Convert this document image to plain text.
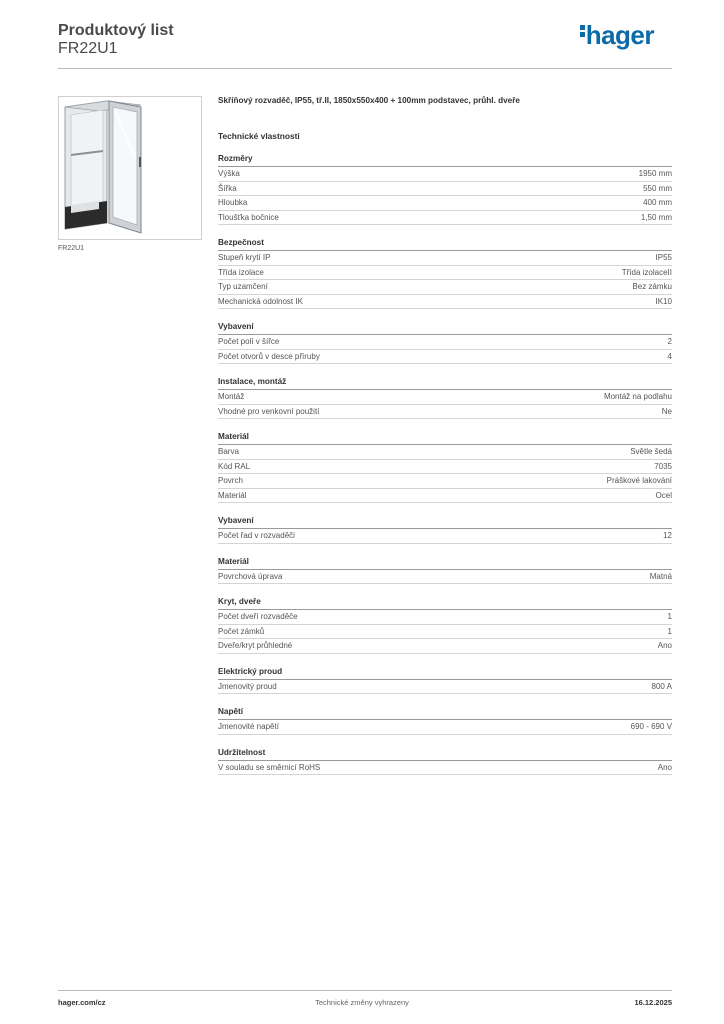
Produktový list
FR22U1	hager
FR22U1
Skříňový rozvaděč, IP55, tř.II, 1850x550x400 + 100mm podstavec, průhl. dveře
Technické vlastnosti
Rozměry
Výška	1950 mm
Šířka	550 mm
Hloubka	400 mm
Tloušťka bočnice	1,50 mm
Bezpečnost
Stupeň krytí IP	IP55
Třída izolace	Třída izolaceII
Typ uzamčení	Bez zámku
Mechanická odolnost IK	IK10
Vybavení
Počet polí v šířce	2
Počet otvorů v desce příruby	4
Instalace, montáž
Montáž	Montáž na podlahu
Vhodné pro venkovní použití	Ne
Materiál
Barva	Světle šedá
Kód RAL	7035
Povrch	Práškové lakování
Materiál	Ocel
Vybavení
Počet řad v rozvaděči	12
Materiál
Povrchová úprava	Matná
Kryt, dveře
Počet dveří rozvaděče	1
Počet zámků	1
Dveře/kryt průhledné	Ano
Elektrický proud
Jmenovitý proud	800 A
Napětí
Jmenovité napětí	690 - 690 V
Udržitelnost
V souladu se směrnicí RoHS	Ano
hager.com/cz	Technické změny vyhrazeny	16.12.2025
